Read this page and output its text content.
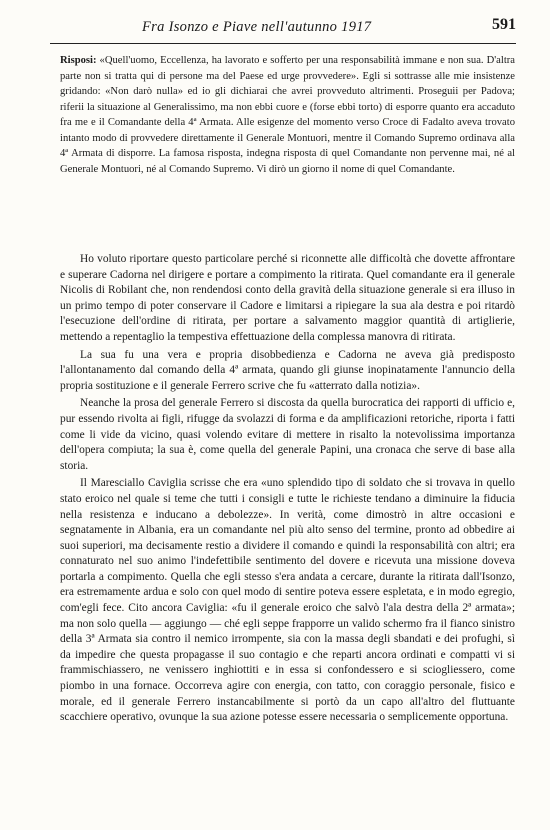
Fra Isonzo e Piave nell'autunno 1917	591

Risposi: «Quell'uomo, Eccellenza, ha lavorato e sofferto per una responsabilità immane e non sua. D'altra parte non si tratta qui di persone ma del Paese ed urge provvedere». Egli si sottrasse alle mie insistenze gridando: «Non darò nulla» ed io gli dichiarai che avrei provveduto altrimenti. Proseguii per Padova; riferii la situazione al Generalissimo, ma non ebbi cuore e (forse ebbi torto) di esporre quanto era accaduto fra me e il Comandante della 4ª Armata. Alle esigenze del momento verso Croce di Fadalto aveva trovato intanto modo di provvedere direttamente il Generale Montuori, mentre il Comando Supremo ordinava alla 4ª Armata di disporre. La famosa risposta, indegna risposta di quel Comandante non pervenne mai, né al Generale Montuori, né al Comando Supremo. Vi dirò un giorno il nome di quel Comandante.

Ho voluto riportare questo particolare perché si riconnette alle difficoltà che dovette affrontare e superare Cadorna nel dirigere e portare a compimento la ritirata. Quel comandante era il generale Nicolis di Robilant che, non rendendosi conto della gravità della situazione generale si era illuso in un primo tempo di poter conservare il Cadore e limitarsi a ripiegare la sua ala destra e poi ritardò l'esecuzione dell'ordine di ritirata, per portare a salvamento maggior quantità di artiglierie, mettendo a repentaglio la tempestiva effettuazione della complessa manovra di ritirata.

La sua fu una vera e propria disobbedienza e Cadorna ne aveva già predisposto l'allontanamento dal comando della 4ª armata, quando gli giunse inopinatamente l'annuncio della propria sostituzione e il generale Ferrero scrive che fu «atterrato dalla notizia».

Neanche la prosa del generale Ferrero si discosta da quella burocratica dei rapporti di ufficio e, pur essendo rivolta ai figli, rifugge da svolazzi di forma e da amplificazioni retoriche, riporta i fatti come li vide da vicino, quasi volendo evitare di mettere in risalto la notevolissima importanza dell'opera compiuta; la sua è, come quella del generale Papini, una cronaca che serve di base alla storia.

Il Maresciallo Caviglia scrisse che era «uno splendido tipo di soldato che si trovava in quello stato eroico nel quale si teme che tutti i consigli e tutte le richieste tendano a diminuire la fiducia nella resistenza e inducano a debolezze». In verità, come dimostrò in altre occasioni e segnatamente in Albania, era un comandante nel più alto senso del termine, pronto ad obbedire ai suoi superiori, ma decisamente restio a dividere il comando e quindi la responsabilità con altri; era connaturato nel suo animo l'indefettibile sentimento del dovere e ricevuta una missione doveva portarla a compimento. Quella che egli stesso s'era andata a cercare, durante la ritirata dall'Isonzo, era estremamente ardua e solo con quel modo di sentire poteva essere espletata, e in modo egregio, com'egli fece. Cito ancora Caviglia: «fu il generale eroico che salvò l'ala destra della 2ª armata»; ma non solo quella — aggiungo — ché egli seppe frapporre un valido schermo fra il fianco sinistro della 3ª Armata sia contro il nemico irrompente, sia con la massa degli sbandati e dei profughi, sì da impedire che questa propagasse il suo contagio e che reparti ancora ordinati e compatti vi si frammischiassero, ne venissero inghiottiti e in essa si confondessero e si sciogliessero, come piombo in una fornace. Occorreva agire con energia, con tatto, con coraggio personale, fisico e morale, ed il generale Ferrero instancabilmente si portò da un capo all'altro del fluttuante scacchiere operativo, ovunque la sua azione potesse essere necessaria o semplicemente opportuna.
